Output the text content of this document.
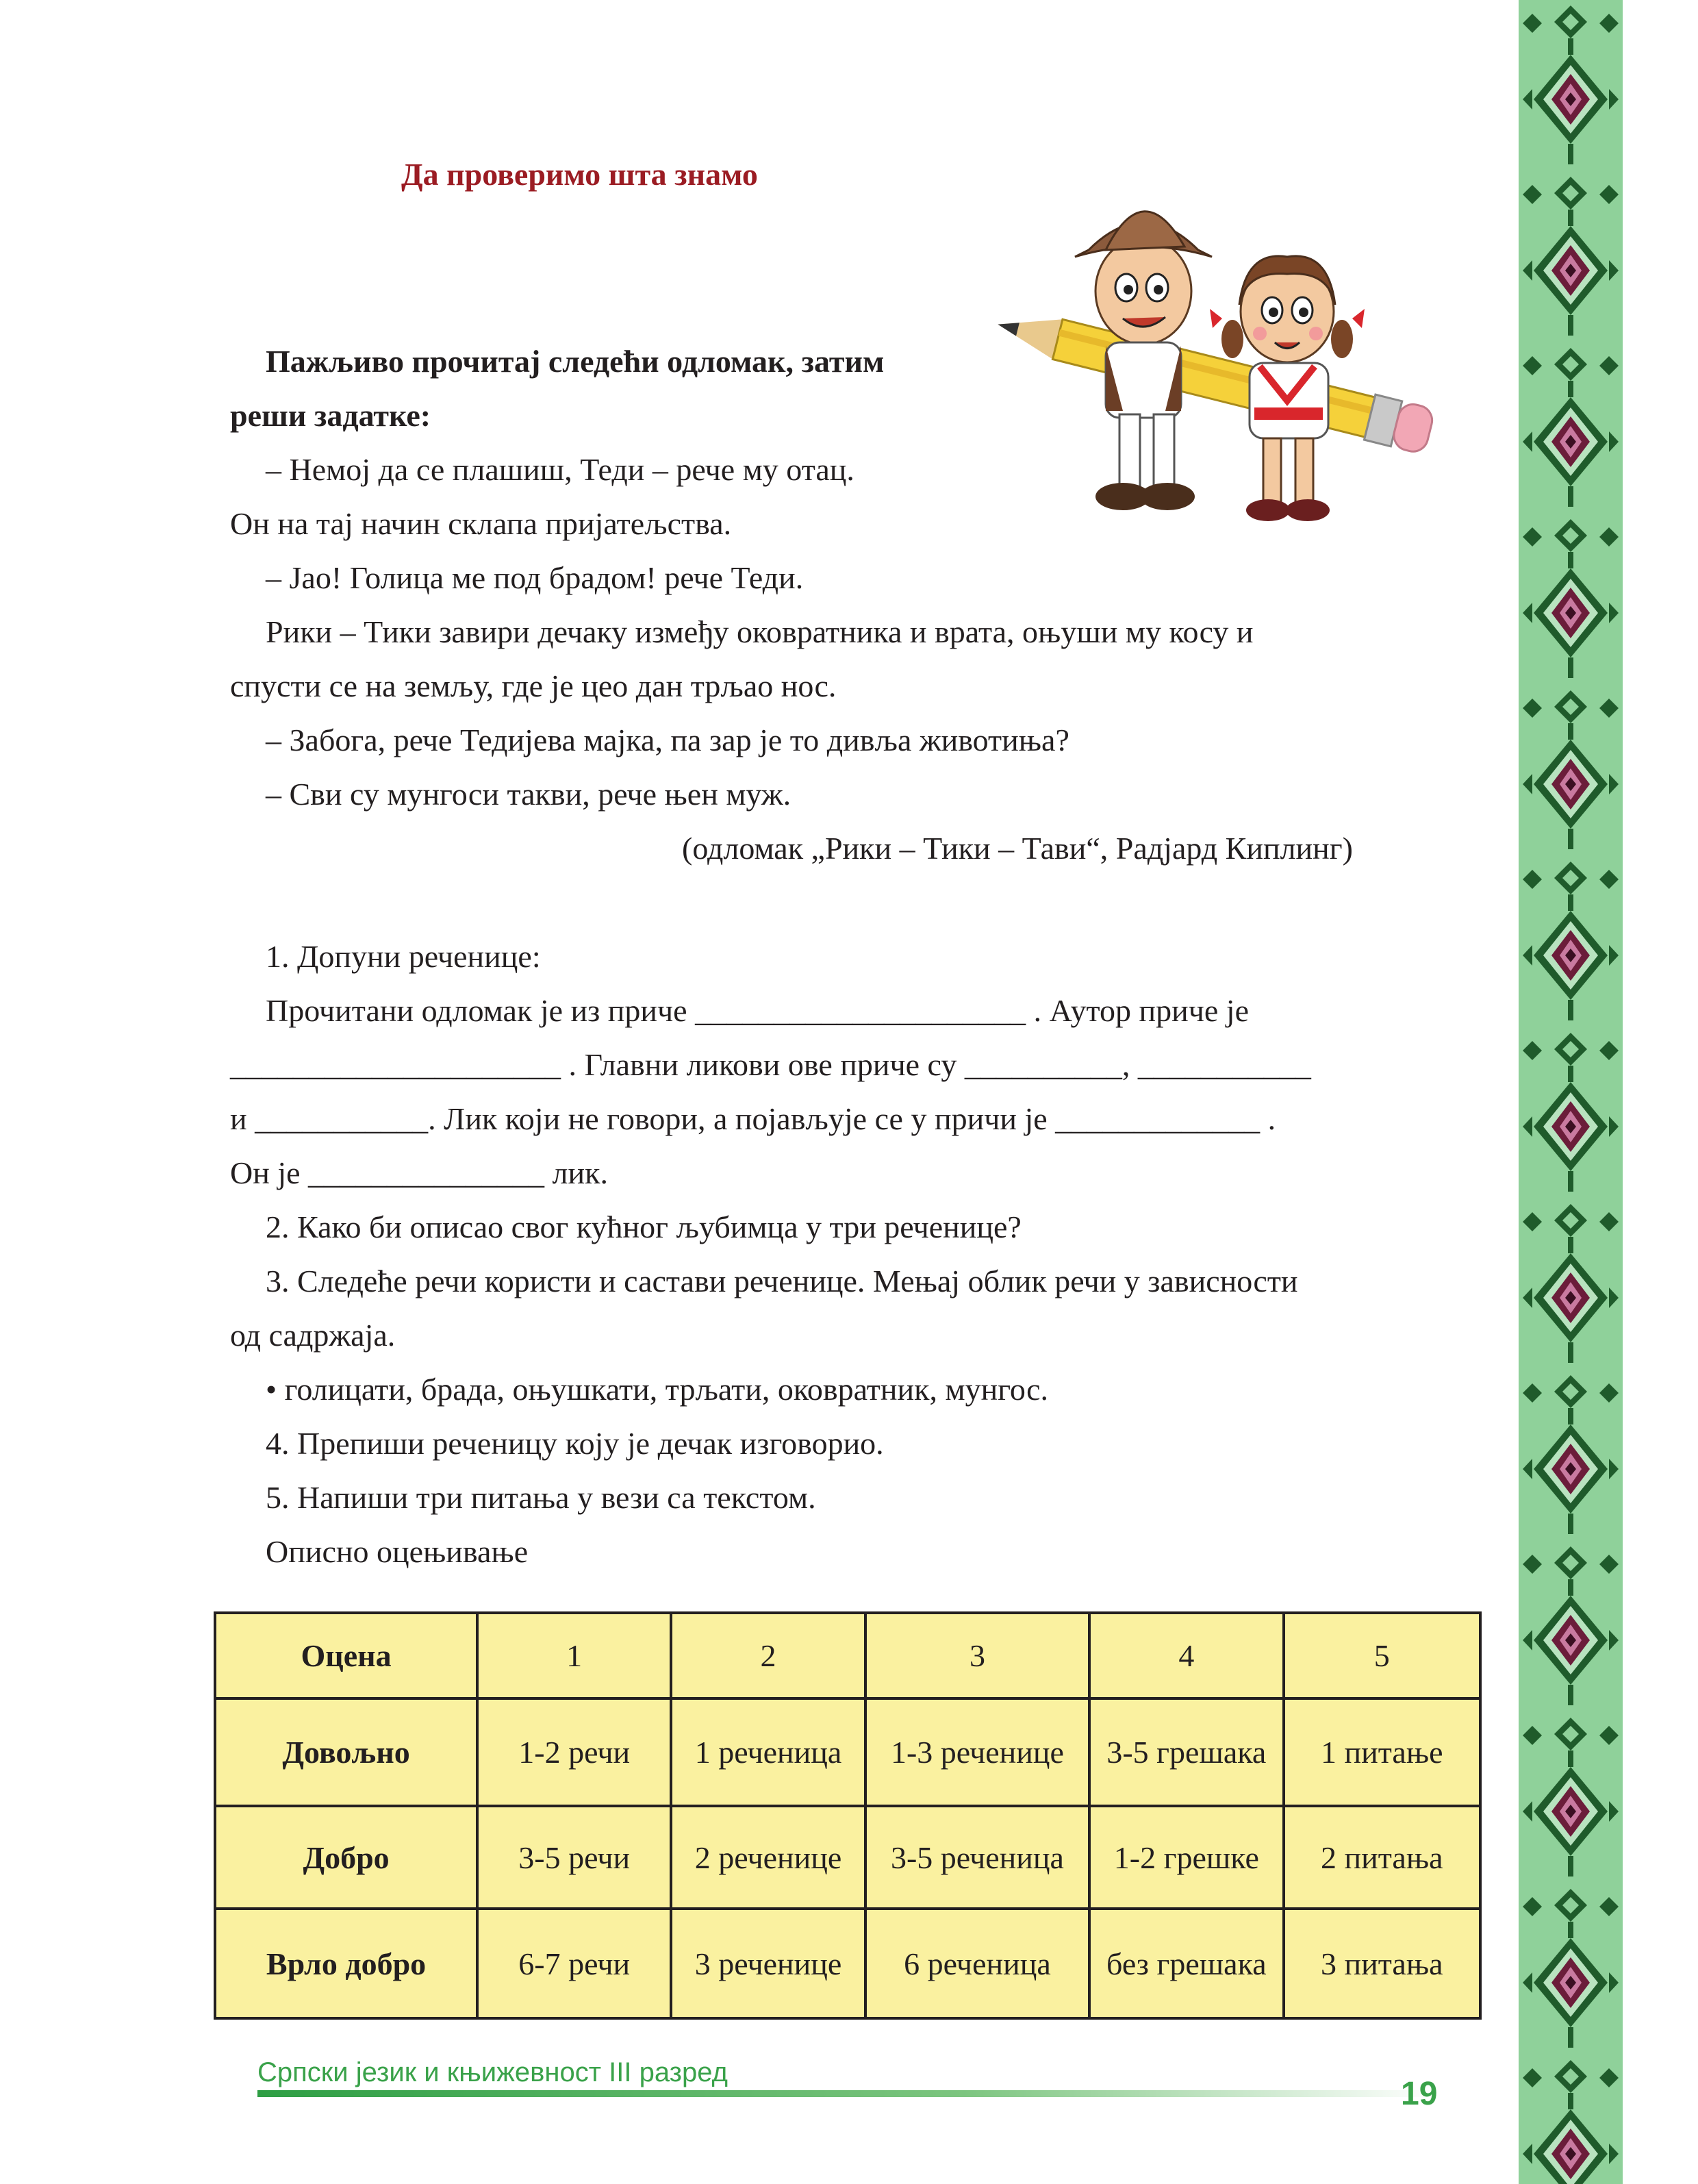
Да проверимо шта знамо
Пажљиво прочитај следећи одломак, затим
реши задатке:
– Немој да се плашиш, Теди – рече му отац.
Он на тај начин склапа пријатељства.
– Јао! Голица ме под брадом! рече Теди.
Рики – Тики завири дечаку између оковратника и врата, оњуши му косу и
спусти се на земљу, где је цео дан трљао нос.
– Забога, рече Тедијева мајка, па зар је то дивља животиња?
– Сви су мунгоси такви, рече њен муж.
(одломак „Рики – Тики – Тави“, Радјард Киплинг)
1. Допуни реченице:
Прочитани одломак је из приче _____________________ . Аутор приче је
_____________________ . Главни ликови ове приче су __________, ___________
и ___________. Лик који не говори, а појављује се у причи је _____________ .
Он је _______________ лик.
2. Како би описао свог кућног љубимца у три реченице?
3. Следеће речи користи и састави реченице. Мењај облик речи у зависности
од садржаја.
• голицати, брада, оњушкати, трљати, оковратник, мунгос.
4. Препиши реченицу коју је дечак изговорио.
5. Напиши три питања у вези са текстом.
Описно оцењивање
Оцена	1	2	3	4	5
Довољно	1-2 речи	1 реченица	1-3 реченице	3-5 грешака	1 питање
Добро	3-5 речи	2 реченице	3-5 реченица	1-2 грешке	2 питања
Врло добро	6-7 речи	3 реченице	6 реченица	без грешака	3 питања
Српски језик и књижевност III разред
19
